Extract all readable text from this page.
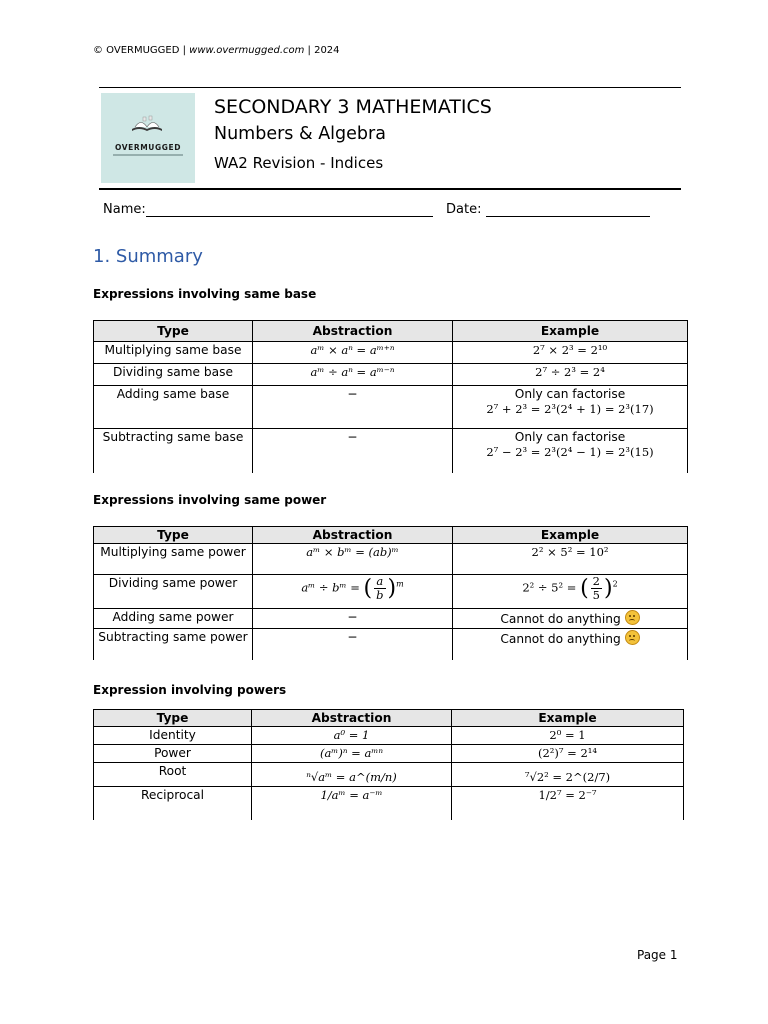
© OVERMUGGED | www.overmugged.com | 2024
OVERMUGGED
SECONDARY 3 MATHEMATICS
Numbers & Algebra
WA2 Revision - Indices
Name:	Date:
1. Summary
Expressions involving same base
Type	Abstraction	Example
Multiplying same base	aᵐ × aⁿ = aᵐ⁺ⁿ	2⁷ × 2³ = 2¹⁰
Dividing same base	aᵐ ÷ aⁿ = aᵐ⁻ⁿ	2⁷ ÷ 2³ = 2⁴
Adding same base	−	Only can factorise
2⁷ + 2³ = 2³(2⁴ + 1) = 2³(17)

Subtracting same base	−	Only can factorise
2⁷ − 2³ = 2³(2⁴ − 1) = 2³(15)
Expressions involving same power
Type	Abstraction	Example
Multiplying same power	aᵐ × bᵐ = (ab)ᵐ	2² × 5² = 10²
Dividing same power	aᵐ ÷ bᵐ = ( $\frac{a}{b} )^m$	2² ÷ 5² = ( $\frac{2}{5} )^2$
Adding same power	−	Cannot do anything
Subtracting same power	−	Cannot do anything
Expression involving powers
Type	Abstraction	Example
Identity	a⁰ = 1	2⁰ = 1
Power	(aᵐ)ⁿ = aᵐⁿ	(2²)⁷ = 2¹⁴
Root	ⁿ√aᵐ = a^(m/n)	⁷√2² = 2^(2/7)
Reciprocal	1/aᵐ = a⁻ᵐ	1/2⁷ = 2⁻⁷
Page 1
